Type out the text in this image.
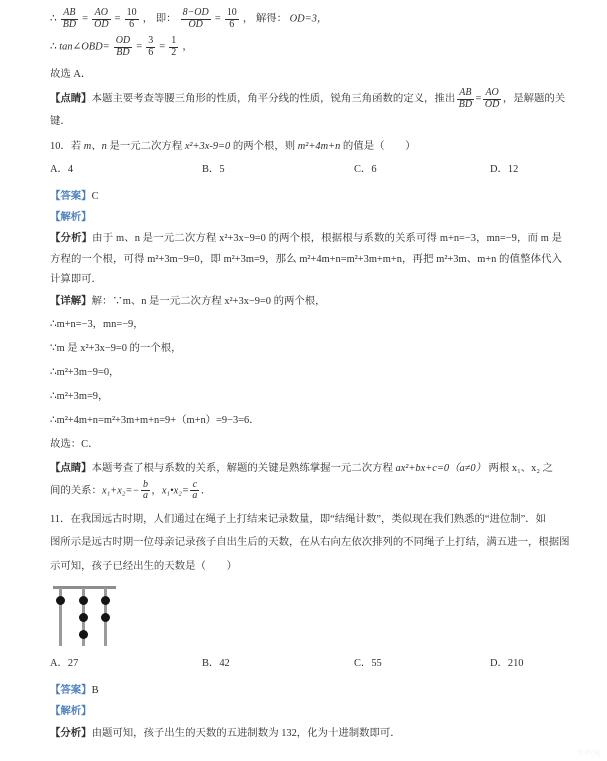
∴ $\frac{AB}{BD} = \frac{AO}{OD} = \frac{10}{6}$ ， 即： $\frac{8-OD}{OD} = \frac{10}{6}$ ， 解得： OD=3，
∴ tan∠OBD= $\frac{OD}{BD} = \frac{3}{6} = \frac{1}{2}$ ，
故选 A．
【点睛】本题主要考查等腰三角形的性质，角平分线的性质，锐角三角函数的定义，推出 $\frac{AB}{BD} = \frac{AO}{OD}$ ，是解题的关
键．
10．若 m、n 是一元二次方程 x²+3x‑9=0 的两个根，则 m²+4m+n 的值是（　　）
A．4	B．5	C．6	D．12
【答案】C
【解析】

【分析】由于 m、n 是一元二次方程 x²+3x−9=0 的两个根，根据根与系数的关系可得 m+n=−3，mn=−9，而 m 是方程的一个根，可得 m²+3m−9=0，即 m²+3m=9，那么 m²+4m+n=m²+3m+m+n，再把 m²+3m、m+n 的值整体代入计算即可．

【详解】解：∵m、n 是一元二次方程 x²+3x−9=0 的两个根，
∴m+n=−3，mn=−9，
∵m 是 x²+3x−9=0 的一个根，
∴m²+3m−9=0，
∴m²+3m=9，
∴m²+4m+n=m²+3m+m+n=9+（m+n）=9−3=6．
故选：C．
【点睛】本题考查了根与系数的关系，解题的关键是熟练掌握一元二次方程 ax²+bx+c=0（a≠0） 两根 x₁、x₂ 之
间的关系：$x_1+x_2=- \frac{b}{a}$ ，x₁•x₂= $\frac{c}{a}$ ．
11．在我国远古时期，人们通过在绳子上打结来记录数量，即“结绳计数”，类似现在我们熟悉的“进位制”．如
图所示是远古时期一位母亲记录孩子自出生后的天数，在从右向左依次排列的不同绳子上打结，满五进一，根据图
示可知，孩子已经出生的天数是（　　）
A．27	B．42	C．55	D．210
【答案】B
【解析】
【分析】由题可知，孩子出生的天数的五进制数为 132，化为十进制数即可．
学科网
